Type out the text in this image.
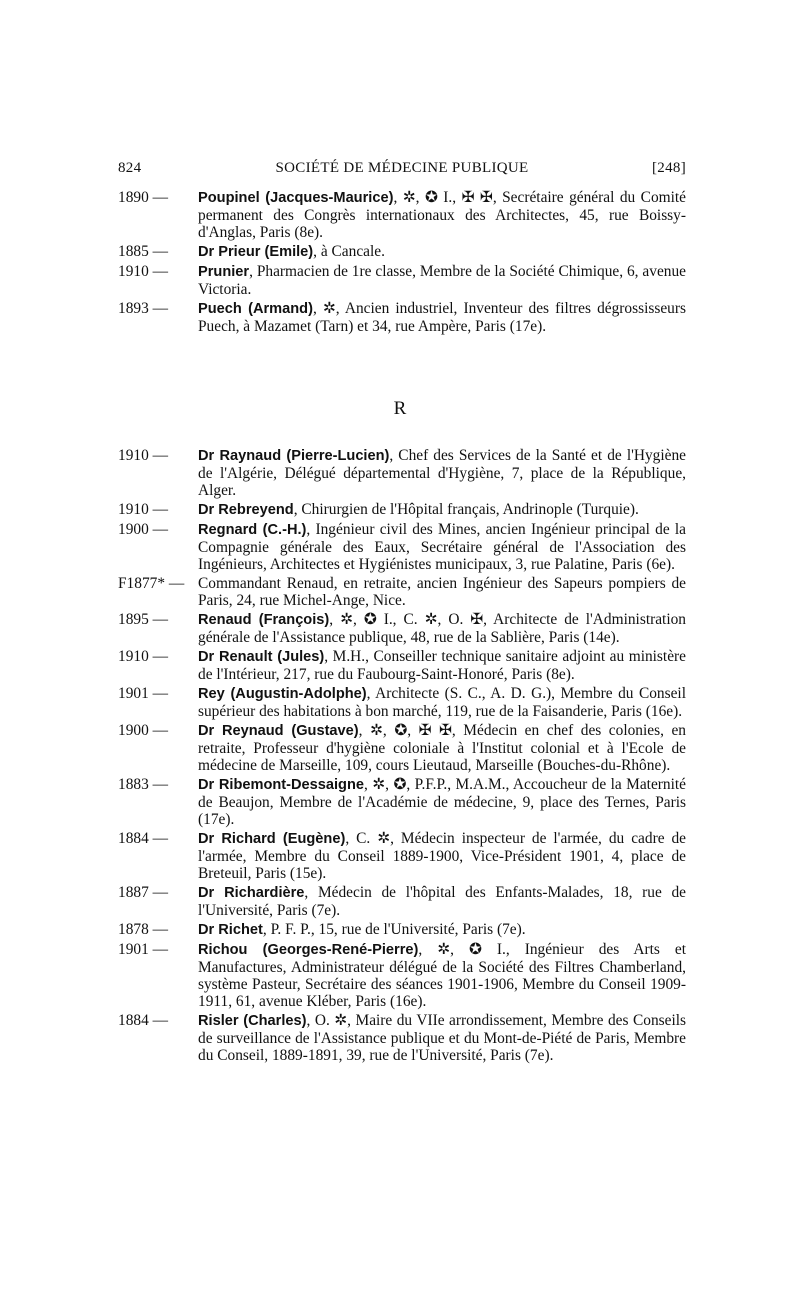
824	SOCIÉTÉ DE MÉDECINE PUBLIQUE	[248]
1890 —	Poupinel (Jacques-Maurice), ✲, ✪ I., ✠ ✠, Secrétaire général du Comité permanent des Congrès internationaux des Architectes, 45, rue Boissy-d'Anglas, Paris (8e).
1885 —	Dr Prieur (Emile), à Cancale.
1910 —	Prunier, Pharmacien de 1re classe, Membre de la Société Chimique, 6, avenue Victoria.
1893 —	Puech (Armand), ✲, Ancien industriel, Inventeur des filtres dégrossisseurs Puech, à Mazamet (Tarn) et 34, rue Ampère, Paris (17e).
R
1910 —	Dr Raynaud (Pierre-Lucien), Chef des Services de la Santé et de l'Hygiène de l'Algérie, Délégué départemental d'Hygiène, 7, place de la République, Alger.
1910 —	Dr Rebreyend, Chirurgien de l'Hôpital français, Andrinople (Turquie).
1900 —	Regnard (C.-H.), Ingénieur civil des Mines, ancien Ingénieur principal de la Compagnie générale des Eaux, Secrétaire général de l'Association des Ingénieurs, Architectes et Hygiénistes municipaux, 3, rue Palatine, Paris (6e).
F1877* — Commandant Renaud, en retraite, ancien Ingénieur des Sapeurs pompiers de Paris, 24, rue Michel-Ange, Nice.
1895 —	Renaud (François), ✲, ✪ I., C. ✲, O. ✠, Architecte de l'Administration générale de l'Assistance publique, 48, rue de la Sablière, Paris (14e).
1910 —	Dr Renault (Jules), M.H., Conseiller technique sanitaire adjoint au ministère de l'Intérieur, 217, rue du Faubourg-Saint-Honoré, Paris (8e).
1901 —	Rey (Augustin-Adolphe), Architecte (S. C., A. D. G.), Membre du Conseil supérieur des habitations à bon marché, 119, rue de la Faisanderie, Paris (16e).
1900 —	Dr Reynaud (Gustave), ✲, ✪, ✠ ✠, Médecin en chef des colonies, en retraite, Professeur d'hygiène coloniale à l'Institut colonial et à l'Ecole de médecine de Marseille, 109, cours Lieutaud, Marseille (Bouches-du-Rhône).
1883 —	Dr Ribemont-Dessaigne, ✲, ✪, P.F.P., M.A.M., Accoucheur de la Maternité de Beaujon, Membre de l'Académie de médecine, 9, place des Ternes, Paris (17e).
1884 —	Dr Richard (Eugène), C. ✲, Médecin inspecteur de l'armée, du cadre de l'armée, Membre du Conseil 1889-1900, Vice-Président 1901, 4, place de Breteuil, Paris (15e).
1887 —	Dr Richardière, Médecin de l'hôpital des Enfants-Malades, 18, rue de l'Université, Paris (7e).
1878 —	Dr Richet, P. F. P., 15, rue de l'Université, Paris (7e).
1901 —	Richou (Georges-René-Pierre), ✲, ✪ I., Ingénieur des Arts et Manufactures, Administrateur délégué de la Société des Filtres Chamberland, système Pasteur, Secrétaire des séances 1901-1906, Membre du Conseil 1909-1911, 61, avenue Kléber, Paris (16e).
1884 —	Risler (Charles), O. ✲, Maire du VIIe arrondissement, Membre des Conseils de surveillance de l'Assistance publique et du Mont-de-Piété de Paris, Membre du Conseil, 1889-1891, 39, rue de l'Université, Paris (7e).
